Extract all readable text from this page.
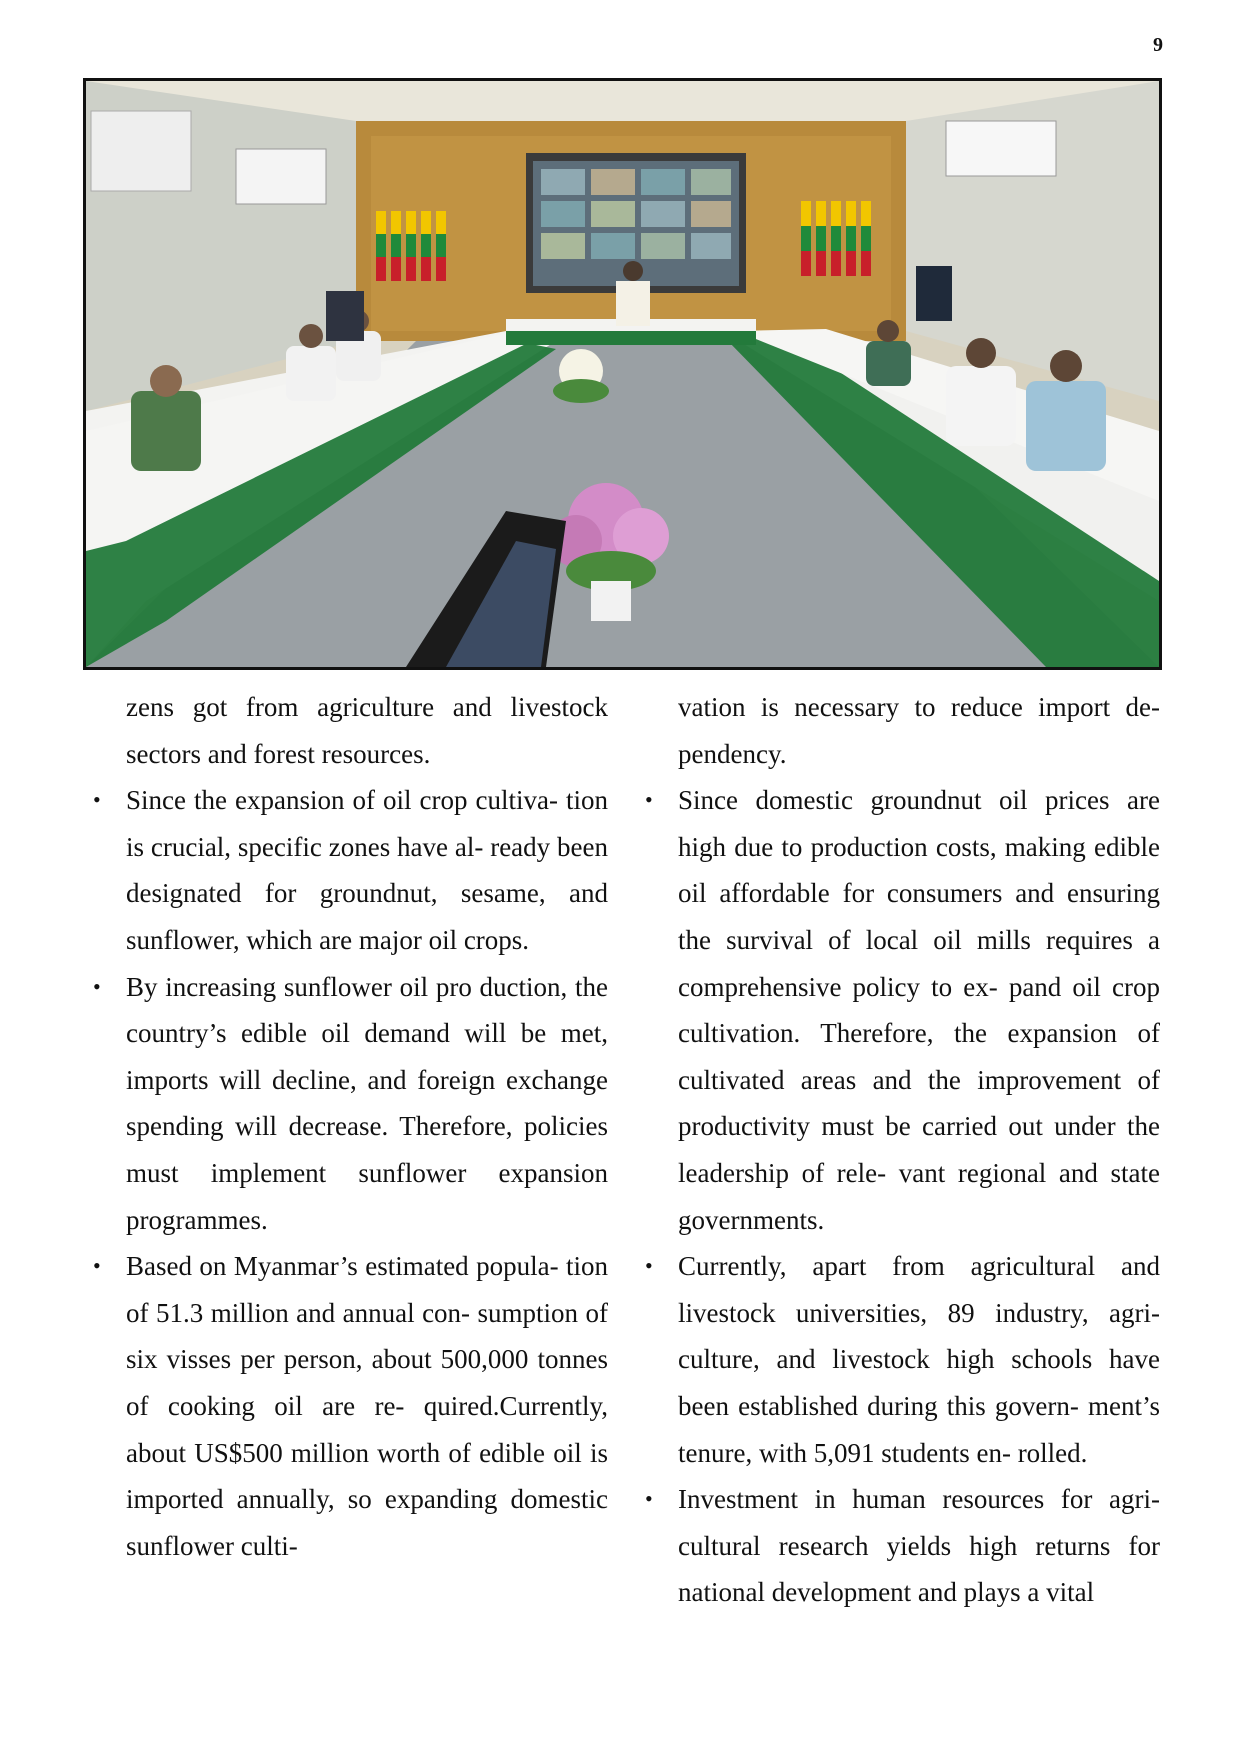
9

zens got from agriculture and livestock sectors and forest resources.

• Since the expansion of oil crop cultiva- tion is crucial, specific zones have al- ready been designated for groundnut, sesame, and sunflower, which are major oil crops.
• By increasing sunflower oil pro duction, the country’s edible oil demand will be met, imports will decline, and foreign exchange spending will decrease. Therefore, policies must implement sunflower expansion programmes.
• Based on Myanmar’s estimated popula- tion of 51.3 million and annual con- sumption of six visses per person, about 500,000 tonnes of cooking oil are re- quired.Currently, about US$500 million worth of edible oil is imported annually, so expanding domestic sunflower culti-

vation is necessary to reduce import de- pendency.

• Since domestic groundnut oil prices are high due to production costs, making edible oil affordable for consumers and ensuring the survival of local oil mills requires a comprehensive policy to ex- pand oil crop cultivation. Therefore, the expansion of cultivated areas and the improvement of productivity must be carried out under the leadership of rele- vant regional and state governments.
• Currently, apart from agricultural and livestock universities, 89 industry, agri- culture, and livestock high schools have been established during this govern- ment’s tenure, with 5,091 students en- rolled.
• Investment in human resources for agri- cultural research yields high returns for national development and plays a vital
